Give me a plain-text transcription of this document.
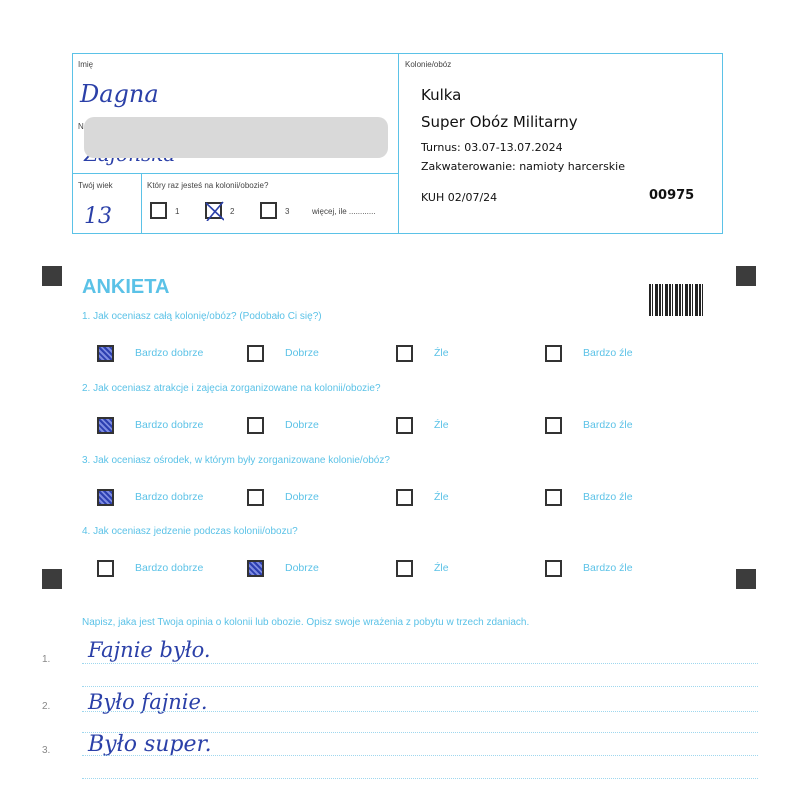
Imię
Dagna
N
Twój wiek
13
Który raz jesteś na kolonii/obozie?
1	2	3	więcej, ile ............
Kolonie/obóz
Kulka
Super Obóz Militarny
Turnus: 03.07-13.07.2024
Zakwaterowanie: namioty harcerskie
KUH 02/07/24	00975
ANKIETA
1. Jak oceniasz całą kolonię/obóz? (Podobało Ci się?)
Bardzo dobrze	Dobrze	Źle	Bardzo źle
2. Jak oceniasz atrakcje i zajęcia zorganizowane na kolonii/obozie?
Bardzo dobrze	Dobrze	Źle	Bardzo źle
3. Jak oceniasz ośrodek, w którym były zorganizowane kolonie/obóz?
Bardzo dobrze	Dobrze	Źle	Bardzo źle
4. Jak oceniasz jedzenie podczas kolonii/obozu?
Bardzo dobrze	Dobrze	Źle	Bardzo źle
Napisz, jaka jest Twoja opinia o kolonii lub obozie. Opisz swoje wrażenia z pobytu w trzech zdaniach.
1. Fajnie było.
2. Było fajnie.
3. Było super.
